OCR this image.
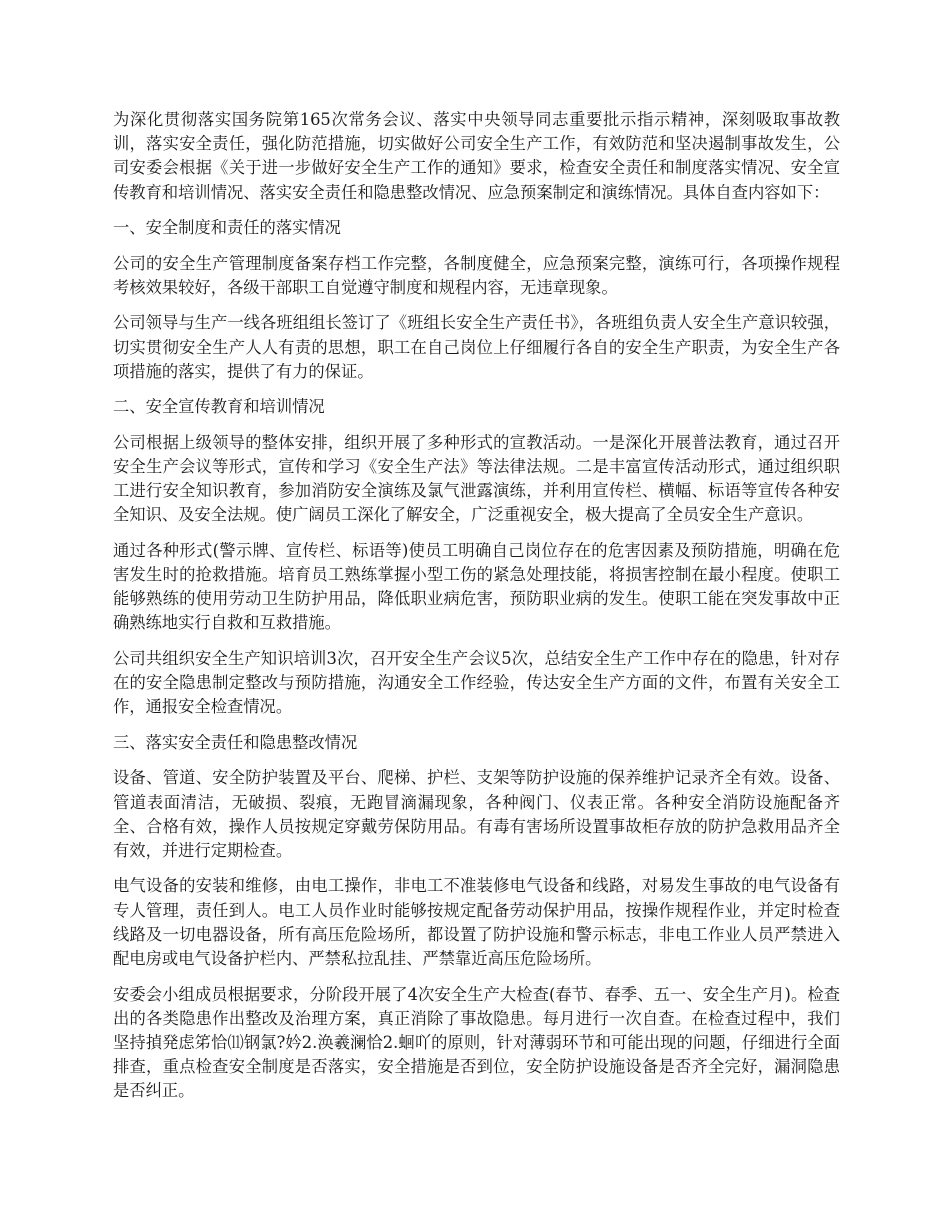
为深化贯彻落实国务院第165次常务会议、落实中央领导同志重要批示指示精神，深刻吸取事故教训，落实安全责任，强化防范措施，切实做好公司安全生产工作，有效防范和坚决遏制事故发生，公司安委会根据《关于进一步做好安全生产工作的通知》要求，检查安全责任和制度落实情况、安全宣传教育和培训情况、落实安全责任和隐患整改情况、应急预案制定和演练情况。具体自查内容如下：

一、安全制度和责任的落实情况

公司的安全生产管理制度备案存档工作完整，各制度健全，应急预案完整，演练可行，各项操作规程考核效果较好，各级干部职工自觉遵守制度和规程内容，无违章现象。

公司领导与生产一线各班组组长签订了《班组长安全生产责任书》，各班组负责人安全生产意识较强，切实贯彻安全生产人人有责的思想，职工在自己岗位上仔细履行各自的安全生产职责，为安全生产各项措施的落实，提供了有力的保证。

二、安全宣传教育和培训情况

公司根据上级领导的整体安排，组织开展了多种形式的宣教活动。一是深化开展普法教育，通过召开安全生产会议等形式，宣传和学习《安全生产法》等法律法规。二是丰富宣传活动形式，通过组织职工进行安全知识教育，参加消防安全演练及氯气泄露演练，并利用宣传栏、横幅、标语等宣传各种安全知识、及安全法规。使广阔员工深化了解安全，广泛重视安全，极大提高了全员安全生产意识。

通过各种形式(警示牌、宣传栏、标语等)使员工明确自己岗位存在的危害因素及预防措施，明确在危害发生时的抢救措施。培育员工熟练掌握小型工伤的紧急处理技能，将损害控制在最小程度。使职工能够熟练的使用劳动卫生防护用品，降低职业病危害，预防职业病的发生。使职工能在突发事故中正确熟练地实行自救和互救措施。

公司共组织安全生产知识培训3次，召开安全生产会议5次，总结安全生产工作中存在的隐患，针对存在的安全隐患制定整改与预防措施，沟通安全工作经验，传达安全生产方面的文件，布置有关安全工作，通报安全检查情况。

三、落实安全责任和隐患整改情况

设备、管道、安全防护装置及平台、爬梯、护栏、支架等防护设施的保养维护记录齐全有效。设备、管道表面清洁，无破损、裂痕，无跑冒滴漏现象，各种阀门、仪表正常。各种安全消防设施配备齐全、合格有效，操作人员按规定穿戴劳保防用品。有毒有害场所设置事故柜存放的防护急救用品齐全有效，并进行定期检查。

电气设备的安装和维修，由电工操作，非电工不准装修电气设备和线路，对易发生事故的电气设备有专人管理，责任到人。电工人员作业时能够按规定配备劳动保护用品，按操作规程作业，并定时检查线路及一切电器设备，所有高压危险场所，都设置了防护设施和警示标志，非电工作业人员严禁进入配电房或电气设备护栏内、严禁私拉乱挂、严禁靠近高压危险场所。

安委会小组成员根据要求，分阶段开展了4次安全生产大检查(春节、春季、五一、安全生产月)。检查出的各类隐患作出整改及治理方案，真正消除了事故隐患。每月进行一次自查。在检查过程中，我们坚持揁発虑笫恰⑾钢氯?妗2.涣羲澜恰2.蛔吖的原则，针对薄弱环节和可能出现的问题，仔细进行全面排查，重点检查安全制度是否落实，安全措施是否到位，安全防护设施设备是否齐全完好，漏洞隐患是否纠正。
